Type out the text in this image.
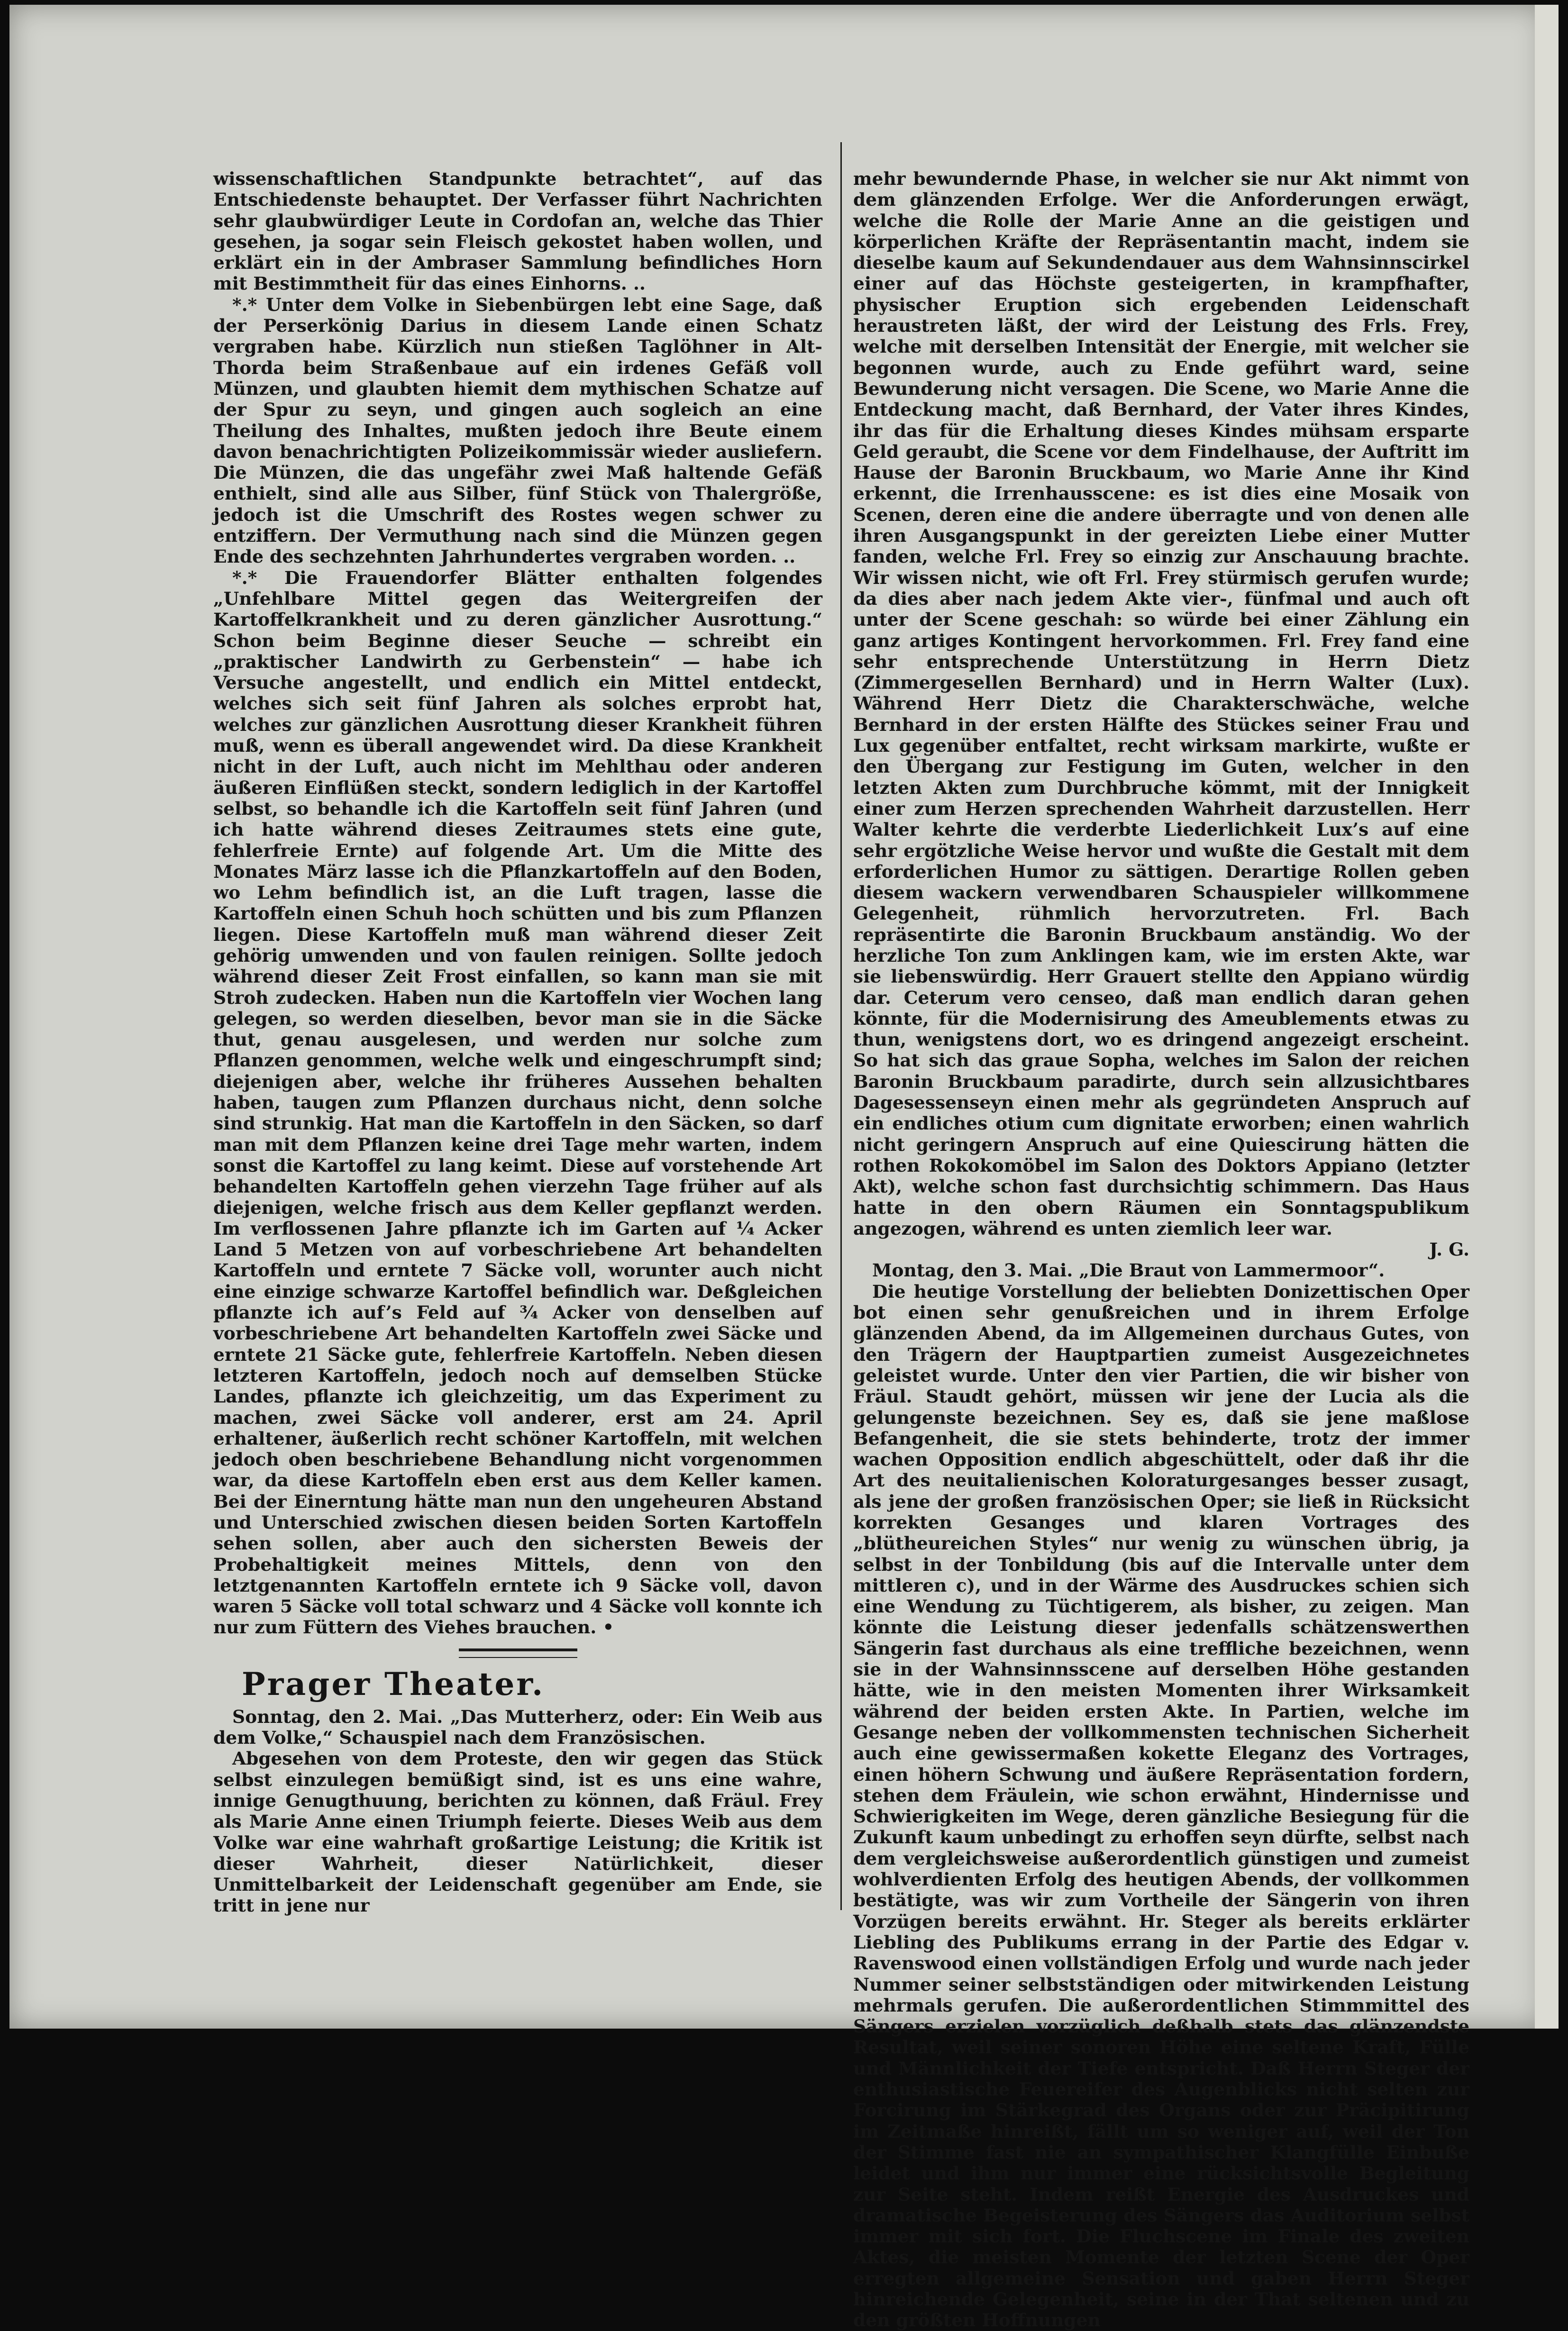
wissenschaftlichen Standpunkte betrachtet“, auf das Entschiedenste behauptet. Der Verfasser führt Nachrichten sehr glaubwürdiger Leute in Cordofan an, welche das Thier gesehen, ja sogar sein Fleisch gekostet haben wollen, und erklärt ein in der Ambraser Sammlung befindliches Horn mit Bestimmtheit für das eines Einhorns. ..

*.* Unter dem Volke in Siebenbürgen lebt eine Sage, daß der Perserkönig Darius in diesem Lande einen Schatz vergraben habe. Kürzlich nun stießen Taglöhner in Alt-Thorda beim Straßenbaue auf ein irdenes Gefäß voll Münzen, und glaubten hiemit dem mythischen Schatze auf der Spur zu seyn, und gingen auch sogleich an eine Theilung des Inhaltes, mußten jedoch ihre Beute einem davon benachrichtigten Polizeikommissär wieder ausliefern. Die Münzen, die das ungefähr zwei Maß haltende Gefäß enthielt, sind alle aus Silber, fünf Stück von Thalergröße, jedoch ist die Umschrift des Rostes wegen schwer zu entziffern. Der Vermuthung nach sind die Münzen gegen Ende des sechzehnten Jahrhundertes vergraben worden. ..

*.* Die Frauendorfer Blätter enthalten folgendes „Unfehlbare Mittel gegen das Weitergreifen der Kartoffelkrankheit und zu deren gänzlicher Ausrottung.“ Schon beim Beginne dieser Seuche — schreibt ein „praktischer Landwirth zu Gerbenstein“ — habe ich Versuche angestellt, und endlich ein Mittel entdeckt, welches sich seit fünf Jahren als solches erprobt hat, welches zur gänzlichen Ausrottung dieser Krankheit führen muß, wenn es überall angewendet wird. Da diese Krankheit nicht in der Luft, auch nicht im Mehlthau oder anderen äußeren Einflüßen steckt, sondern lediglich in der Kartoffel selbst, so behandle ich die Kartoffeln seit fünf Jahren (und ich hatte während dieses Zeitraumes stets eine gute, fehlerfreie Ernte) auf folgende Art. Um die Mitte des Monates März lasse ich die Pflanzkartoffeln auf den Boden, wo Lehm befindlich ist, an die Luft tragen, lasse die Kartoffeln einen Schuh hoch schütten und bis zum Pflanzen liegen. Diese Kartoffeln muß man während dieser Zeit gehörig umwenden und von faulen reinigen. Sollte jedoch während dieser Zeit Frost einfallen, so kann man sie mit Stroh zudecken. Haben nun die Kartoffeln vier Wochen lang gelegen, so werden dieselben, bevor man sie in die Säcke thut, genau ausgelesen, und werden nur solche zum Pflanzen genommen, welche welk und eingeschrumpft sind; diejenigen aber, welche ihr früheres Aussehen behalten haben, taugen zum Pflanzen durchaus nicht, denn solche sind strunkig. Hat man die Kartoffeln in den Säcken, so darf man mit dem Pflanzen keine drei Tage mehr warten, indem sonst die Kartoffel zu lang keimt. Diese auf vorstehende Art behandelten Kartoffeln gehen vierzehn Tage früher auf als diejenigen, welche frisch aus dem Keller gepflanzt werden. Im verflossenen Jahre pflanzte ich im Garten auf ¼ Acker Land 5 Metzen von auf vorbeschriebene Art behandelten Kartoffeln und erntete 7 Säcke voll, worunter auch nicht eine einzige schwarze Kartoffel befindlich war. Deßgleichen pflanzte ich auf’s Feld auf ¾ Acker von denselben auf vorbeschriebene Art behandelten Kartoffeln zwei Säcke und erntete 21 Säcke gute, fehlerfreie Kartoffeln. Neben diesen letzteren Kartoffeln, jedoch noch auf demselben Stücke Landes, pflanzte ich gleichzeitig, um das Experiment zu machen, zwei Säcke voll anderer, erst am 24. April erhaltener, äußerlich recht schöner Kartoffeln, mit welchen jedoch oben beschriebene Behandlung nicht vorgenommen war, da diese Kartoffeln eben erst aus dem Keller kamen. Bei der Einerntung hätte man nun den ungeheuren Abstand und Unterschied zwischen diesen beiden Sorten Kartoffeln sehen sollen, aber auch den sichersten Beweis der Probehaltigkeit meines Mittels, denn von den letztgenannten Kartoffeln erntete ich 9 Säcke voll, davon waren 5 Säcke voll total schwarz und 4 Säcke voll konnte ich nur zum Füttern des Viehes brauchen. •

Prager Theater.

Sonntag, den 2. Mai. „Das Mutterherz, oder: Ein Weib aus dem Volke,“ Schauspiel nach dem Französischen.

Abgesehen von dem Proteste, den wir gegen das Stück selbst einzulegen bemüßigt sind, ist es uns eine wahre, innige Genugthuung, berichten zu können, daß Fräul. Frey als Marie Anne einen Triumph feierte. Dieses Weib aus dem Volke war eine wahrhaft großartige Leistung; die Kritik ist dieser Wahrheit, dieser Natürlichkeit, dieser Unmittelbarkeit der Leidenschaft gegenüber am Ende, sie tritt in jene nur

mehr bewundernde Phase, in welcher sie nur Akt nimmt von dem glänzenden Erfolge. Wer die Anforderungen erwägt, welche die Rolle der Marie Anne an die geistigen und körperlichen Kräfte der Repräsentantin macht, indem sie dieselbe kaum auf Sekundendauer aus dem Wahnsinnscirkel einer auf das Höchste gesteigerten, in krampfhafter, physischer Eruption sich ergebenden Leidenschaft heraustreten läßt, der wird der Leistung des Frls. Frey, welche mit derselben Intensität der Energie, mit welcher sie begonnen wurde, auch zu Ende geführt ward, seine Bewunderung nicht versagen. Die Scene, wo Marie Anne die Entdeckung macht, daß Bernhard, der Vater ihres Kindes, ihr das für die Erhaltung dieses Kindes mühsam ersparte Geld geraubt, die Scene vor dem Findelhause, der Auftritt im Hause der Baronin Bruckbaum, wo Marie Anne ihr Kind erkennt, die Irrenhausscene: es ist dies eine Mosaik von Scenen, deren eine die andere überragte und von denen alle ihren Ausgangspunkt in der gereizten Liebe einer Mutter fanden, welche Frl. Frey so einzig zur Anschauung brachte. Wir wissen nicht, wie oft Frl. Frey stürmisch gerufen wurde; da dies aber nach jedem Akte vier-, fünfmal und auch oft unter der Scene geschah: so würde bei einer Zählung ein ganz artiges Kontingent hervorkommen. Frl. Frey fand eine sehr entsprechende Unterstützung in Herrn Dietz (Zimmergesellen Bernhard) und in Herrn Walter (Lux). Während Herr Dietz die Charakterschwäche, welche Bernhard in der ersten Hälfte des Stückes seiner Frau und Lux gegenüber entfaltet, recht wirksam markirte, wußte er den Übergang zur Festigung im Guten, welcher in den letzten Akten zum Durchbruche kömmt, mit der Innigkeit einer zum Herzen sprechenden Wahrheit darzustellen. Herr Walter kehrte die verderbte Liederlichkeit Lux’s auf eine sehr ergötzliche Weise hervor und wußte die Gestalt mit dem erforderlichen Humor zu sättigen. Derartige Rollen geben diesem wackern verwendbaren Schauspieler willkommene Gelegenheit, rühmlich hervorzutreten. Frl. Bach repräsentirte die Baronin Bruckbaum anständig. Wo der herzliche Ton zum Anklingen kam, wie im ersten Akte, war sie liebenswürdig. Herr Grauert stellte den Appiano würdig dar. Ceterum vero censeo, daß man endlich daran gehen könnte, für die Modernisirung des Ameublements etwas zu thun, wenigstens dort, wo es dringend angezeigt erscheint. So hat sich das graue Sopha, welches im Salon der reichen Baronin Bruckbaum paradirte, durch sein allzusichtbares Dagesessenseyn einen mehr als gegründeten Anspruch auf ein endliches otium cum dignitate erworben; einen wahrlich nicht geringern Anspruch auf eine Quiescirung hätten die rothen Rokokomöbel im Salon des Doktors Appiano (letzter Akt), welche schon fast durchsichtig schimmern. Das Haus hatte in den obern Räumen ein Sonntagspublikum angezogen, während es unten ziemlich leer war.

J. G.

Montag, den 3. Mai. „Die Braut von Lammermoor“.

Die heutige Vorstellung der beliebten Donizettischen Oper bot einen sehr genußreichen und in ihrem Erfolge glänzenden Abend, da im Allgemeinen durchaus Gutes, von den Trägern der Hauptpartien zumeist Ausgezeichnetes geleistet wurde. Unter den vier Partien, die wir bisher von Fräul. Staudt gehört, müssen wir jene der Lucia als die gelungenste bezeichnen. Sey es, daß sie jene maßlose Befangenheit, die sie stets behinderte, trotz der immer wachen Opposition endlich abgeschüttelt, oder daß ihr die Art des neuitalienischen Koloraturgesanges besser zusagt, als jene der großen französischen Oper; sie ließ in Rücksicht korrekten Gesanges und klaren Vortrages des „blütheureichen Styles“ nur wenig zu wünschen übrig, ja selbst in der Tonbildung (bis auf die Intervalle unter dem mittleren c), und in der Wärme des Ausdruckes schien sich eine Wendung zu Tüchtigerem, als bisher, zu zeigen. Man könnte die Leistung dieser jedenfalls schätzenswerthen Sängerin fast durchaus als eine treffliche bezeichnen, wenn sie in der Wahnsinnsscene auf derselben Höhe gestanden hätte, wie in den meisten Momenten ihrer Wirksamkeit während der beiden ersten Akte. In Partien, welche im Gesange neben der vollkommensten technischen Sicherheit auch eine gewissermaßen kokette Eleganz des Vortrages, einen höhern Schwung und äußere Repräsentation fordern, stehen dem Fräulein, wie schon erwähnt, Hindernisse und Schwierigkeiten im Wege, deren gänzliche Besiegung für die Zukunft kaum unbedingt zu erhoffen seyn dürfte, selbst nach dem vergleichsweise außerordentlich günstigen und zumeist wohlverdienten Erfolg des heutigen Abends, der vollkommen bestätigte, was wir zum Vortheile der Sängerin von ihren Vorzügen bereits erwähnt. Hr. Steger als bereits erklärter Liebling des Publikums errang in der Partie des Edgar v. Ravenswood einen vollständigen Erfolg und wurde nach jeder Nummer seiner selbstständigen oder mitwirkenden Leistung mehrmals gerufen. Die außerordentlichen Stimmmittel des Sängers erzielen vorzüglich deßhalb stets das glänzendste Resultat, weil seiner sonoren Höhe eine seltene Kraft, Fülle und Männlichkeit der Tiefe entspricht. Daß Herrn Steger der enthusiastische Feuereifer des Augenblicks nicht selten zur Forcirung im Stärkegrad des Organs oder zur Präcipitirung im Zeitmaße hinreißt, fällt um so weniger auf, weil der Ton der Stimme fast nie an sympathischer Klangfülle Einbuße leidet und ihm nur immer eine rücksichtsvolle Begleitung zur Seite steht. Indem reißt Energie des Ausdruckes und dramatische Begeisterung des Sängers das Auditorium selbst immer mit sich fort. Die Fluchscene im Finale des zweiten Aktes, die meisten Momente der letzten Scene der Oper erregten allgemeine Sensation und gaben Herrn Steger hinreichende Gelegenheit, seine in der That seltenen und zu den größten Hoffnungen
